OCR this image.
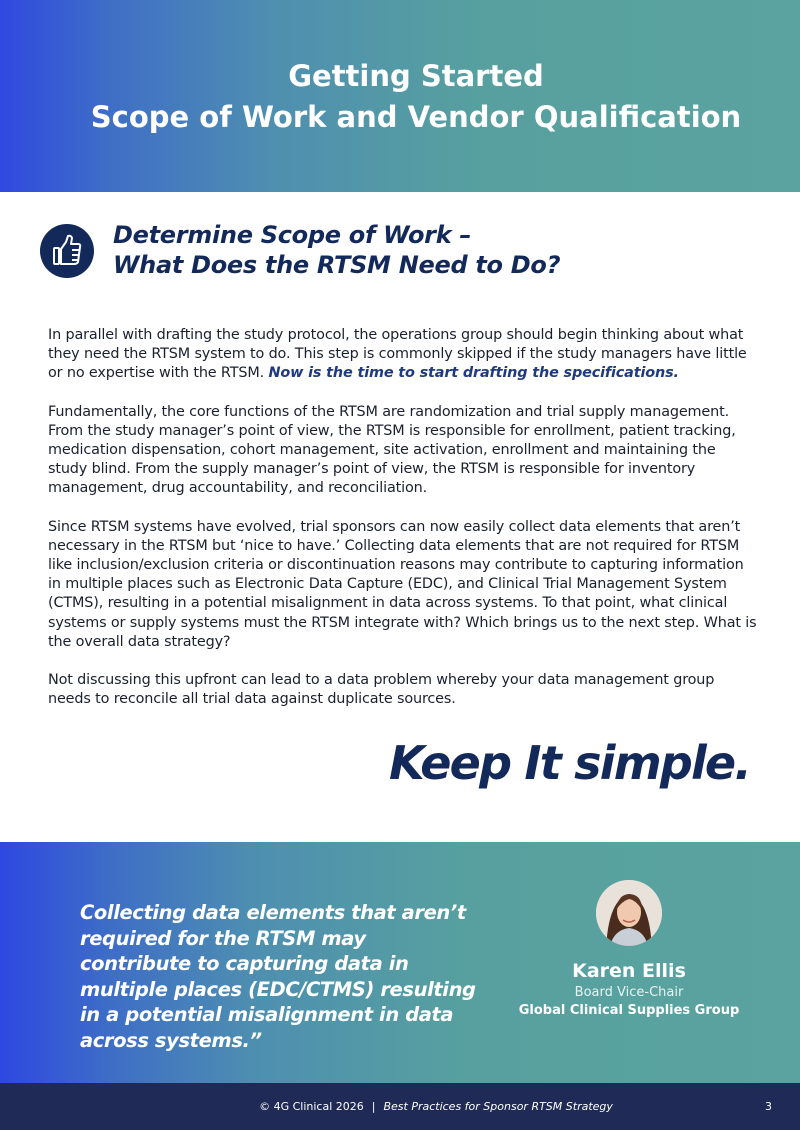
Getting Started
Scope of Work and Vendor Qualification
Determine Scope of Work –
What Does the RTSM Need to Do?

In parallel with drafting the study protocol, the operations group should begin thinking about what they need the RTSM system to do. This step is commonly skipped if the study managers have little or no expertise with the RTSM. Now is the time to start drafting the specifications.

Fundamentally, the core functions of the RTSM are randomization and trial supply management. From the study manager’s point of view, the RTSM is responsible for enrollment, patient tracking, medication dispensation, cohort management, site activation, enrollment and maintaining the study blind. From the supply manager’s point of view, the RTSM is responsible for inventory management, drug accountability, and reconciliation.

Since RTSM systems have evolved, trial sponsors can now easily collect data elements that aren’t necessary in the RTSM but ‘nice to have.’ Collecting data elements that are not required for RTSM like inclusion/exclusion criteria or discontinuation reasons may contribute to capturing information in multiple places such as Electronic Data Capture (EDC), and Clinical Trial Management System (CTMS), resulting in a potential misalignment in data across systems. To that point, what clinical systems or supply systems must the RTSM integrate with? Which brings us to the next step. What is the overall data strategy?

Not discussing this upfront can lead to a data problem whereby your data management group needs to reconcile all trial data against duplicate sources.

Keep It simple.
Collecting data elements that aren’t required for the RTSM may contribute to capturing data in multiple places (EDC/CTMS) resulting in a potential misalignment in data across systems.”
Karen Ellis
Board Vice-Chair
Global Clinical Supplies Group
© 4G Clinical 2026 | Best Practices for Sponsor RTSM Strategy	3
